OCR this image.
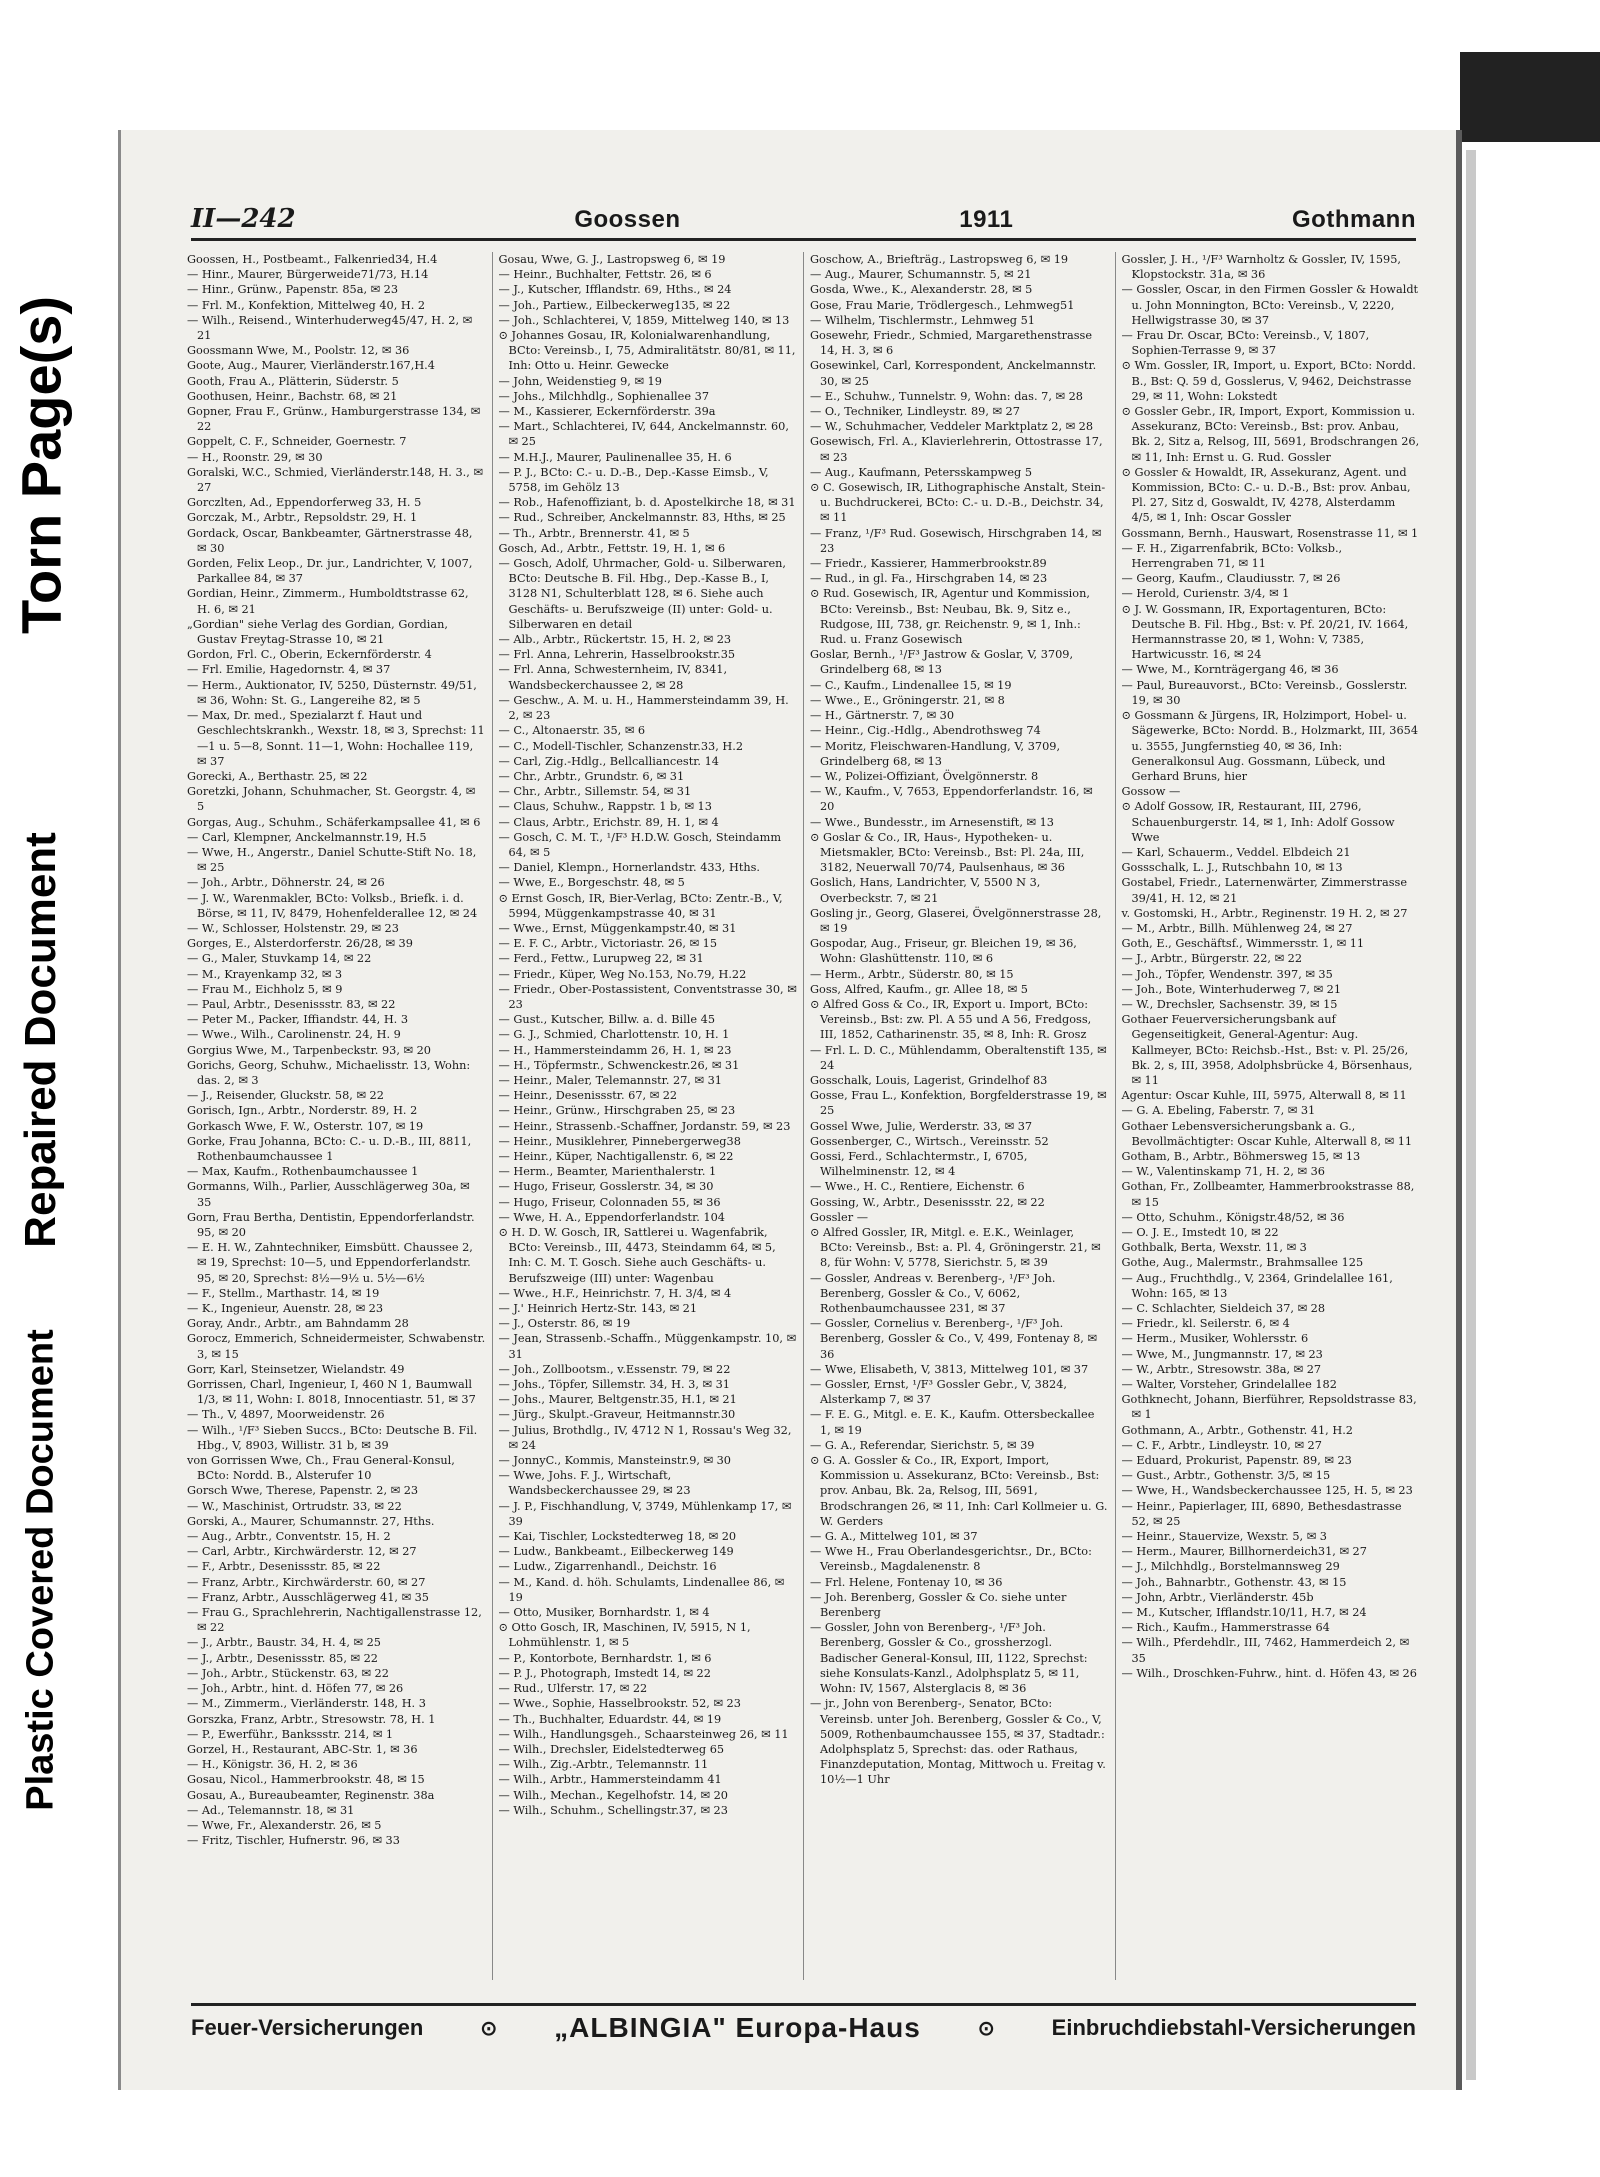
Torn Page(s)
Repaired Document
Plastic Covered Document
II—242	Goossen	1911	Gothmann
Goossen, H., Postbeamt., Falkenried34, H.4
— Hinr., Maurer, Bürgerweide71/73, H.14
— Hinr., Grünw., Papenstr. 85a, ✉ 23
— Frl. M., Konfektion, Mittelweg 40, H. 2
— Wilh., Reisend., Winterhuderweg45/47, H. 2, ✉ 21
Goossmann Wwe, M., Poolstr. 12, ✉ 36
Goote, Aug., Maurer, Vierländerstr.167,H.4
Gooth, Frau A., Plätterin, Süderstr. 5
Goothusen, Heinr., Bachstr. 68, ✉ 21
Gopner, Frau F., Grünw., Hamburgerstrasse 134, ✉ 22
Goppelt, C. F., Schneider, Goernestr. 7
— H., Roonstr. 29, ✉ 30
Goralski, W.C., Schmied, Vierländerstr.148, H. 3., ✉ 27
Gorczlten, Ad., Eppendorferweg 33, H. 5
Gorczak, M., Arbtr., Repsoldstr. 29, H. 1
Gordack, Oscar, Bankbeamter, Gärtnerstrasse 48, ✉ 30
Gorden, Felix Leop., Dr. jur., Landrichter, V, 1007, Parkallee 84, ✉ 37
Gordian, Heinr., Zimmerm., Humboldtstrasse 62, H. 6, ✉ 21
„Gordian" siehe Verlag des Gordian, Gordian, Gustav Freytag-Strasse 10, ✉ 21
Gordon, Frl. C., Oberin, Eckernförderstr. 4
— Frl. Emilie, Hagedornstr. 4, ✉ 37
— Herm., Auktionator, IV, 5250, Düsternstr. 49/51, ✉ 36, Wohn: St. G., Langereihe 82, ✉ 5
— Max, Dr. med., Spezialarzt f. Haut und Geschlechtskrankh., Wexstr. 18, ✉ 3, Sprechst: 11—1 u. 5—8, Sonnt. 11—1, Wohn: Hochallee 119, ✉ 37
Gorecki, A., Berthastr. 25, ✉ 22
Goretzki, Johann, Schuhmacher, St. Georgstr. 4, ✉ 5
Gorgas, Aug., Schuhm., Schäferkampsallee 41, ✉ 6
— Carl, Klempner, Anckelmannstr.19, H.5
— Wwe, H., Angerstr., Daniel Schutte-Stift No. 18, ✉ 25
— Joh., Arbtr., Döhnerstr. 24, ✉ 26
— J. W., Warenmakler, BCto: Volksb., Briefk. i. d. Börse, ✉ 11, IV, 8479, Hohenfelderallee 12, ✉ 24
— W., Schlosser, Holstenstr. 29, ✉ 23
Gorges, E., Alsterdorferstr. 26/28, ✉ 39
— G., Maler, Stuvkamp 14, ✉ 22
— M., Krayenkamp 32, ✉ 3
— Frau M., Eichholz 5, ✉ 9
— Paul, Arbtr., Desenissstr. 83, ✉ 22
— Peter M., Packer, Iffiandstr. 44, H. 3
— Wwe., Wilh., Carolinenstr. 24, H. 9
Gorgius Wwe, M., Tarpenbeckstr. 93, ✉ 20
Gorichs, Georg, Schuhw., Michaelisstr. 13, Wohn: das. 2, ✉ 3
— J., Reisender, Gluckstr. 58, ✉ 22
Gorisch, Ign., Arbtr., Norderstr. 89, H. 2
Gorkasch Wwe, F. W., Osterstr. 107, ✉ 19
Gorke, Frau Johanna, BCto: C.- u. D.-B., III, 8811, Rothenbaumchaussee 1
— Max, Kaufm., Rothenbaumchaussee 1
Gormanns, Wilh., Parlier, Ausschlägerweg 30a, ✉ 35
Gorn, Frau Bertha, Dentistin, Eppendorferlandstr. 95, ✉ 20
— E. H. W., Zahntechniker, Eimsbütt. Chaussee 2, ✉ 19, Sprechst: 10—5, und Eppendorferlandstr. 95, ✉ 20, Sprechst: 8½—9½ u. 5½—6½
— F., Stellm., Marthastr. 14, ✉ 19
— K., Ingenieur, Auenstr. 28, ✉ 23
Goray, Andr., Arbtr., am Bahndamm 28
Gorocz, Emmerich, Schneidermeister, Schwabenstr. 3, ✉ 15
Gorr, Karl, Steinsetzer, Wielandstr. 49
Gorrissen, Charl, Ingenieur, I, 460 N 1, Baumwall 1/3, ✉ 11, Wohn: I. 8018, Innocentiastr. 51, ✉ 37
— Th., V, 4897, Moorweidenstr. 26
— Wilh., ¹/F³ Sieben Succs., BCto: Deutsche B. Fil. Hbg., V, 8903, Willistr. 31 b, ✉ 39
von Gorrissen Wwe, Ch., Frau General-Konsul, BCto: Nordd. B., Alsterufer 10
Gorsch Wwe, Therese, Papenstr. 2, ✉ 23
— W., Maschinist, Ortrudstr. 33, ✉ 22
Gorski, A., Maurer, Schumannstr. 27, Hths.
— Aug., Arbtr., Conventstr. 15, H. 2
— Carl, Arbtr., Kirchwärderstr. 12, ✉ 27
— F., Arbtr., Desenissstr. 85, ✉ 22
— Franz, Arbtr., Kirchwärderstr. 60, ✉ 27
— Franz, Arbtr., Ausschlägerweg 41, ✉ 35
— Frau G., Sprachlehrerin, Nachtigallenstrasse 12, ✉ 22
— J., Arbtr., Baustr. 34, H. 4, ✉ 25
— J., Arbtr., Desenissstr. 85, ✉ 22
— Joh., Arbtr., Stückenstr. 63, ✉ 22
— Joh., Arbtr., hint. d. Höfen 77, ✉ 26
— M., Zimmerm., Vierländerstr. 148, H. 3
Gorszka, Franz, Arbtr., Stresowstr. 78, H. 1
— P., Ewerführ., Bankssstr. 214, ✉ 1
Gorzel, H., Restaurant, ABC-Str. 1, ✉ 36
— H., Königstr. 36, H. 2, ✉ 36
Gosau, Nicol., Hammerbrookstr. 48, ✉ 15
Gosau, A., Bureaubeamter, Reginenstr. 38a
— Ad., Telemannstr. 18, ✉ 31
— Wwe, Fr., Alexanderstr. 26, ✉ 5
— Fritz, Tischler, Hufnerstr. 96, ✉ 33
Gosau, Wwe, G. J., Lastropsweg 6, ✉ 19
— Heinr., Buchhalter, Fettstr. 26, ✉ 6
— J., Kutscher, Ifflandstr. 69, Hths., ✉ 24
— Joh., Partiew., Eilbeckerweg135, ✉ 22
— Joh., Schlachterei, V, 1859, Mittelweg 140, ✉ 13
⊙ Johannes Gosau, IR, Kolonialwarenhandlung, BCto: Vereinsb., I, 75, Admiralitätstr. 80/81, ✉ 11, Inh: Otto u. Heinr. Gewecke
— John, Weidenstieg 9, ✉ 19
— Johs., Milchhdlg., Sophienallee 37
— M., Kassierer, Eckernförderstr. 39a
— Mart., Schlachterei, IV, 644, Anckelmannstr. 60, ✉ 25
— M.H.J., Maurer, Paulinenallee 35, H. 6
— P. J., BCto: C.- u. D.-B., Dep.-Kasse Eimsb., V, 5758, im Gehölz 13
— Rob., Hafenoffiziant, b. d. Apostelkirche 18, ✉ 31
— Rud., Schreiber, Anckelmannstr. 83, Hths, ✉ 25
— Th., Arbtr., Brennerstr. 41, ✉ 5
Gosch, Ad., Arbtr., Fettstr. 19, H. 1, ✉ 6
— Gosch, Adolf, Uhrmacher, Gold- u. Silberwaren, BCto: Deutsche B. Fil. Hbg., Dep.-Kasse B., I, 3128 N1, Schulterblatt 128, ✉ 6. Siehe auch Geschäfts- u. Berufszweige (II) unter: Gold- u. Silberwaren en detail
— Alb., Arbtr., Rückertstr. 15, H. 2, ✉ 23
— Frl. Anna, Lehrerin, Hasselbrookstr.35
— Frl. Anna, Schwesternheim, IV, 8341, Wandsbeckerchaussee 2, ✉ 28
— Geschw., A. M. u. H., Hammersteindamm 39, H. 2, ✉ 23
— C., Altonaerstr. 35, ✉ 6
— C., Modell-Tischler, Schanzenstr.33, H.2
— Carl, Zig.-Hdlg., Bellcalliancestr. 14
— Chr., Arbtr., Grundstr. 6, ✉ 31
— Chr., Arbtr., Sillemstr. 54, ✉ 31
— Claus, Schuhw., Rappstr. 1 b, ✉ 13
— Claus, Arbtr., Erichstr. 89, H. 1, ✉ 4
— Gosch, C. M. T., ¹/F³ H.D.W. Gosch, Steindamm 64, ✉ 5
— Daniel, Klempn., Hornerlandstr. 433, Hths.
— Wwe, E., Borgeschstr. 48, ✉ 5
⊙ Ernst Gosch, IR, Bier-Verlag, BCto: Zentr.-B., V, 5994, Müggenkampstrasse 40, ✉ 31
— Wwe., Ernst, Müggenkampstr.40, ✉ 31
— E. F. C., Arbtr., Victoriastr. 26, ✉ 15
— Ferd., Fettw., Lurupweg 22, ✉ 31
— Friedr., Küper, Weg No.153, No.79, H.22
— Friedr., Ober-Postassistent, Conventstrasse 30, ✉ 23
— Gust., Kutscher, Billw. a. d. Bille 45
— G. J., Schmied, Charlottenstr. 10, H. 1
— H., Hammersteindamm 26, H. 1, ✉ 23
— H., Töpfermstr., Schwenckestr.26, ✉ 31
— Heinr., Maler, Telemannstr. 27, ✉ 31
— Heinr., Desenissstr. 67, ✉ 22
— Heinr., Grünw., Hirschgraben 25, ✉ 23
— Heinr., Strassenb.-Schaffner, Jordanstr. 59, ✉ 23
— Heinr., Musiklehrer, Pinnebergerweg38
— Heinr., Küper, Nachtigallenstr. 6, ✉ 22
— Herm., Beamter, Marienthalerstr. 1
— Hugo, Friseur, Gosslerstr. 34, ✉ 30
— Hugo, Friseur, Colonnaden 55, ✉ 36
— Wwe, H. A., Eppendorferlandstr. 104
⊙ H. D. W. Gosch, IR, Sattlerei u. Wagenfabrik, BCto: Vereinsb., III, 4473, Steindamm 64, ✉ 5, Inh: C. M. T. Gosch. Siehe auch Geschäfts- u. Berufszweige (III) unter: Wagenbau
— Wwe., H.F., Heinrichstr. 7, H. 3/4, ✉ 4
— J.' Heinrich Hertz-Str. 143, ✉ 21
— J., Osterstr. 86, ✉ 19
— Jean, Strassenb.-Schaffn., Müggenkampstr. 10, ✉ 31
— Joh., Zollbootsm., v.Essenstr. 79, ✉ 22
— Johs., Töpfer, Sillemstr. 34, H. 3, ✉ 31
— Johs., Maurer, Beltgenstr.35, H.1, ✉ 21
— Jürg., Skulpt.-Graveur, Heitmannstr.30
— Julius, Brothdlg., IV, 4712 N 1, Rossau's Weg 32, ✉ 24
— JonnyC., Kommis, Mansteinstr.9, ✉ 30
— Wwe, Johs. F. J., Wirtschaft, Wandsbeckerchaussee 29, ✉ 23
— J. P., Fischhandlung, V, 3749, Mühlenkamp 17, ✉ 39
— Kai, Tischler, Lockstedterweg 18, ✉ 20
— Ludw., Bankbeamt., Eilbeckerweg 149
— Ludw., Zigarrenhandl., Deichstr. 16
— M., Kand. d. höh. Schulamts, Lindenallee 86, ✉ 19
— Otto, Musiker, Bornhardstr. 1, ✉ 4
⊙ Otto Gosch, IR, Maschinen, IV, 5915, N 1, Lohmühlenstr. 1, ✉ 5
— P., Kontorbote, Bernhardstr. 1, ✉ 6
— P. J., Photograph, Imstedt 14, ✉ 22
— Rud., Ulferstr. 17, ✉ 22
— Wwe., Sophie, Hasselbrookstr. 52, ✉ 23
— Th., Buchhalter, Eduardstr. 44, ✉ 19
— Wilh., Handlungsgeh., Schaarsteinweg 26, ✉ 11
— Wilh., Drechsler, Eidelstedterweg 65
— Wilh., Zig.-Arbtr., Telemannstr. 11
— Wilh., Arbtr., Hammersteindamm 41
— Wilh., Mechan., Kegelhofstr. 14, ✉ 20
— Wilh., Schuhm., Schellingstr.37, ✉ 23
Goschow, A., Briefträg., Lastropsweg 6, ✉ 19
— Aug., Maurer, Schumannstr. 5, ✉ 21
Gosda, Wwe., K., Alexanderstr. 28, ✉ 5
Gose, Frau Marie, Trödlergesch., Lehmweg51
— Wilhelm, Tischlermstr., Lehmweg 51
Gosewehr, Friedr., Schmied, Margarethenstrasse 14, H. 3, ✉ 6
Gosewinkel, Carl, Korrespondent, Anckelmannstr. 30, ✉ 25
— E., Schuhw., Tunnelstr. 9, Wohn: das. 7, ✉ 28
— O., Techniker, Lindleystr. 89, ✉ 27
— W., Schuhmacher, Veddeler Marktplatz 2, ✉ 28
Gosewisch, Frl. A., Klavierlehrerin, Ottostrasse 17, ✉ 23
— Aug., Kaufmann, Petersskampweg 5
⊙ C. Gosewisch, IR, Lithographische Anstalt, Stein- u. Buchdruckerei, BCto: C.- u. D.-B., Deichstr. 34, ✉ 11
— Franz, ¹/F³ Rud. Gosewisch, Hirschgraben 14, ✉ 23
— Friedr., Kassierer, Hammerbrookstr.89
— Rud., in gl. Fa., Hirschgraben 14, ✉ 23
⊙ Rud. Gosewisch, IR, Agentur und Kommission, BCto: Vereinsb., Bst: Neubau, Bk. 9, Sitz e., Rudgose, III, 738, gr. Reichenstr. 9, ✉ 1, Inh.: Rud. u. Franz Gosewisch
Goslar, Bernh., ¹/F³ Jastrow & Goslar, V, 3709, Grindelberg 68, ✉ 13
— C., Kaufm., Lindenallee 15, ✉ 19
— Wwe., E., Gröningerstr. 21, ✉ 8
— H., Gärtnerstr. 7, ✉ 30
— Heinr., Cig.-Hdlg., Abendrothsweg 74
— Moritz, Fleischwaren-Handlung, V, 3709, Grindelberg 68, ✉ 13
— W., Polizei-Offiziant, Övelgönnerstr. 8
— W., Kaufm., V, 7653, Eppendorferlandstr. 16, ✉ 20
— Wwe., Bundesstr., im Arnesenstift, ✉ 13
⊙ Goslar & Co., IR, Haus-, Hypotheken- u. Mietsmakler, BCto: Vereinsb., Bst: Pl. 24a, III, 3182, Neuerwall 70/74, Paulsenhaus, ✉ 36
Goslich, Hans, Landrichter, V, 5500 N 3, Overbeckstr. 7, ✉ 21
Gosling jr., Georg, Glaserei, Övelgönnerstrasse 28, ✉ 19
Gospodar, Aug., Friseur, gr. Bleichen 19, ✉ 36, Wohn: Glashüttenstr. 110, ✉ 6
— Herm., Arbtr., Süderstr. 80, ✉ 15
Goss, Alfred, Kaufm., gr. Allee 18, ✉ 5
⊙ Alfred Goss & Co., IR, Export u. Import, BCto: Vereinsb., Bst: zw. Pl. A 55 und A 56, Fredgoss, III, 1852, Catharinenstr. 35, ✉ 8, Inh: R. Grosz
— Frl. L. D. C., Mühlendamm, Oberaltenstift 135, ✉ 24
Gosschalk, Louis, Lagerist, Grindelhof 83
Gosse, Frau L., Konfektion, Borgfelderstrasse 19, ✉ 25
Gossel Wwe, Julie, Werderstr. 33, ✉ 37
Gossenberger, C., Wirtsch., Vereinsstr. 52
Gossi, Ferd., Schlachtermstr., I, 6705, Wilhelminenstr. 12, ✉ 4
— Wwe., H. C., Rentiere, Eichenstr. 6
Gossing, W., Arbtr., Desenissstr. 22, ✉ 22
Gossler —
⊙ Alfred Gossler, IR, Mitgl. e. E.K., Weinlager, BCto: Vereinsb., Bst: a. Pl. 4, Gröningerstr. 21, ✉ 8, für Wohn: V, 5778, Sierichstr. 5, ✉ 39
— Gossler, Andreas v. Berenberg-, ¹/F³ Joh. Berenberg, Gossler & Co., V, 6062, Rothenbaumchaussee 231, ✉ 37
— Gossler, Cornelius v. Berenberg-, ¹/F³ Joh. Berenberg, Gossler & Co., V, 499, Fontenay 8, ✉ 36
— Wwe, Elisabeth, V, 3813, Mittelweg 101, ✉ 37
— Gossler, Ernst, ¹/F³ Gossler Gebr., V, 3824, Alsterkamp 7, ✉ 37
— F. E. G., Mitgl. e. E. K., Kaufm. Ottersbeckallee 1, ✉ 19
— G. A., Referendar, Sierichstr. 5, ✉ 39
⊙ G. A. Gossler & Co., IR, Export, Import, Kommission u. Assekuranz, BCto: Vereinsb., Bst: prov. Anbau, Bk. 2a, Relsog, III, 5691, Brodschrangen 26, ✉ 11, Inh: Carl Kollmeier u. G. W. Gerders
— G. A., Mittelweg 101, ✉ 37
— Wwe H., Frau Oberlandesgerichtsr., Dr., BCto: Vereinsb., Magdalenenstr. 8
— Frl. Helene, Fontenay 10, ✉ 36
— Joh. Berenberg, Gossler & Co. siehe unter Berenberg
— Gossler, John von Berenberg-, ¹/F³ Joh. Berenberg, Gossler & Co., grossherzogl. Badischer General-Konsul, III, 1122, Sprechst: siehe Konsulats-Kanzl., Adolphsplatz 5, ✉ 11, Wohn: IV, 1567, Alsterglacis 8, ✉ 36
— jr., John von Berenberg-, Senator, BCto: Vereinsb. unter Joh. Berenberg, Gossler & Co., V, 5009, Rothenbaumchaussee 155, ✉ 37, Stadtadr.: Adolphsplatz 5, Sprechst: das. oder Rathaus, Finanzdeputation, Montag, Mittwoch u. Freitag v. 10½—1 Uhr
Gossler, J. H., ¹/F³ Warnholtz & Gossler, IV, 1595, Klopstockstr. 31a, ✉ 36
— Gossler, Oscar, in den Firmen Gossler & Howaldt u. John Monnington, BCto: Vereinsb., V, 2220, Hellwigstrasse 30, ✉ 37
— Frau Dr. Oscar, BCto: Vereinsb., V, 1807, Sophien-Terrasse 9, ✉ 37
⊙ Wm. Gossler, IR, Import, u. Export, BCto: Nordd. B., Bst: Q. 59 d, Gosslerus, V, 9462, Deichstrasse 29, ✉ 11, Wohn: Lokstedt
⊙ Gossler Gebr., IR, Import, Export, Kommission u. Assekuranz, BCto: Vereinsb., Bst: prov. Anbau, Bk. 2, Sitz a, Relsog, III, 5691, Brodschrangen 26, ✉ 11, Inh: Ernst u. G. Rud. Gossler
⊙ Gossler & Howaldt, IR, Assekuranz, Agent. und Kommission, BCto: C.- u. D.-B., Bst: prov. Anbau, Pl. 27, Sitz d, Goswaldt, IV, 4278, Alsterdamm 4/5, ✉ 1, Inh: Oscar Gossler
Gossmann, Bernh., Hauswart, Rosenstrasse 11, ✉ 1
— F. H., Zigarrenfabrik, BCto: Volksb., Herrengraben 71, ✉ 11
— Georg, Kaufm., Claudiusstr. 7, ✉ 26
— Herold, Curienstr. 3/4, ✉ 1
⊙ J. W. Gossmann, IR, Exportagenturen, BCto: Deutsche B. Fil. Hbg., Bst: v. Pf. 20/21, IV. 1664, Hermannstrasse 20, ✉ 1, Wohn: V, 7385, Hartwicusstr. 16, ✉ 24
— Wwe, M., Kornträgergang 46, ✉ 36
— Paul, Bureauvorst., BCto: Vereinsb., Gosslerstr. 19, ✉ 30
⊙ Gossmann & Jürgens, IR, Holzimport, Hobel- u. Sägewerke, BCto: Nordd. B., Holzmarkt, III, 3654 u. 3555, Jungfernstieg 40, ✉ 36, Inh: Generalkonsul Aug. Gossmann, Lübeck, und Gerhard Bruns, hier
Gossow —
⊙ Adolf Gossow, IR, Restaurant, III, 2796, Schauenburgerstr. 14, ✉ 1, Inh: Adolf Gossow Wwe
— Karl, Schauerm., Veddel. Elbdeich 21
Gossschalk, L. J., Rutschbahn 10, ✉ 13
Gostabel, Friedr., Laternenwärter, Zimmerstrasse 39/41, H. 12, ✉ 21
v. Gostomski, H., Arbtr., Reginenstr. 19 H. 2, ✉ 27
— M., Arbtr., Billh. Mühlenweg 24, ✉ 27
Goth, E., Geschäftsf., Wimmersstr. 1, ✉ 11
— J., Arbtr., Bürgerstr. 22, ✉ 22
— Joh., Töpfer, Wendenstr. 397, ✉ 35
— Joh., Bote, Winterhuderweg 7, ✉ 21
— W., Drechsler, Sachsenstr. 39, ✉ 15
Gothaer Feuerversicherungsbank auf Gegenseitigkeit, General-Agentur: Aug. Kallmeyer, BCto: Reichsb.-Hst., Bst: v. Pl. 25/26, Bk. 2, s, III, 3958, Adolphsbrücke 4, Börsenhaus, ✉ 11
Agentur: Oscar Kuhle, III, 5975, Alterwall 8, ✉ 11
— G. A. Ebeling, Faberstr. 7, ✉ 31
Gothaer Lebensversicherungsbank a. G., Bevollmächtigter: Oscar Kuhle, Alterwall 8, ✉ 11
Gotham, B., Arbtr., Böhmersweg 15, ✉ 13
— W., Valentinskamp 71, H. 2, ✉ 36
Gothan, Fr., Zollbeamter, Hammerbrookstrasse 88, ✉ 15
— Otto, Schuhm., Königstr.48/52, ✉ 36
— O. J. E., Imstedt 10, ✉ 22
Gothbalk, Berta, Wexstr. 11, ✉ 3
Gothe, Aug., Malermstr., Brahmsallee 125
— Aug., Fruchthdlg., V, 2364, Grindelallee 161, Wohn: 165, ✉ 13
— C. Schlachter, Sieldeich 37, ✉ 28
— Friedr., kl. Seilerstr. 6, ✉ 4
— Herm., Musiker, Wohlersstr. 6
— Wwe, M., Jungmannstr. 17, ✉ 23
— W., Arbtr., Stresowstr. 38a, ✉ 27
— Walter, Vorsteher, Grindelallee 182
Gothknecht, Johann, Bierführer, Repsoldstrasse 83, ✉ 1
Gothmann, A., Arbtr., Gothenstr. 41, H.2
— C. F., Arbtr., Lindleystr. 10, ✉ 27
— Eduard, Prokurist, Papenstr. 89, ✉ 23
— Gust., Arbtr., Gothenstr. 3/5, ✉ 15
— Wwe, H., Wandsbeckerchaussee 125, H. 5, ✉ 23
— Heinr., Papierlager, III, 6890, Bethesdastrasse 52, ✉ 25
— Heinr., Stauervize, Wexstr. 5, ✉ 3
— Herm., Maurer, Billhornerdeich31, ✉ 27
— J., Milchhdlg., Borstelmannsweg 29
— Joh., Bahnarbtr., Gothenstr. 43, ✉ 15
— John, Arbtr., Vierländerstr. 45b
— M., Kutscher, Ifflandstr.10/11, H.7, ✉ 24
— Rich., Kaufm., Hammerstrasse 64
— Wilh., Pferdehdlr., III, 7462, Hammerdeich 2, ✉ 35
— Wilh., Droschken-Fuhrw., hint. d. Höfen 43, ✉ 26
Feuer-Versicherungen	⊙ „ALBINGIA" Europa-Haus	⊙	Einbruchdiebstahl-Versicherungen
